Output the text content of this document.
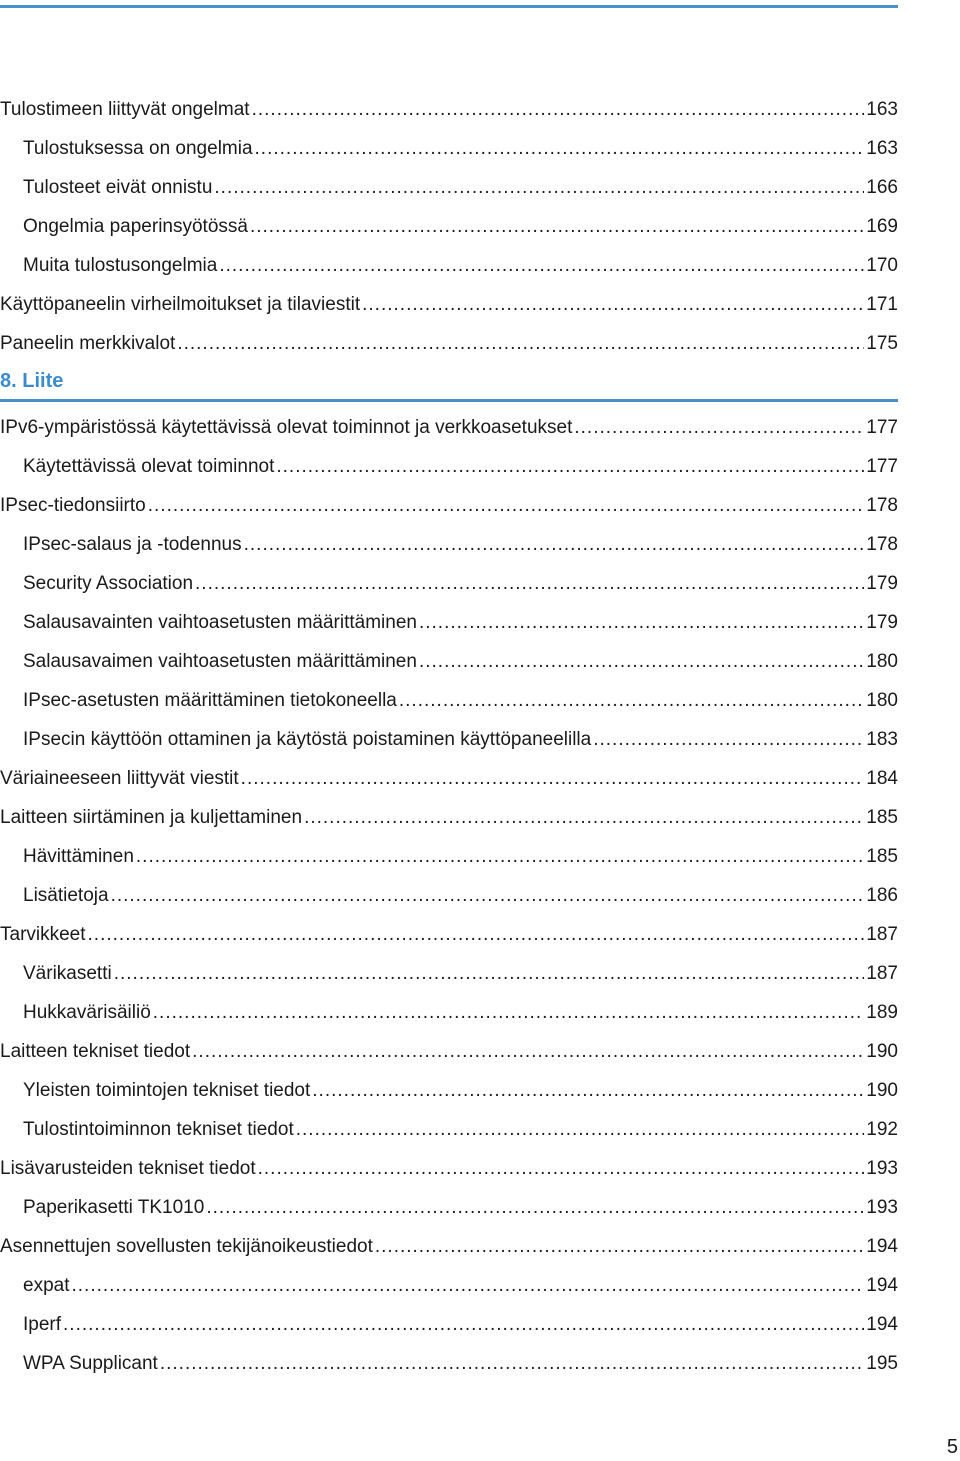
Tulostimeen liittyvät ongelmat .....	163
Tulostuksessa on ongelmia .....	163
Tulosteet eivät onnistu .....	166
Ongelmia paperinsyötössä .....	169
Muita tulostusongelmia .....	170
Käyttöpaneelin virheilmoitukset ja tilaviestit .....	171
Paneelin merkkivalot .....	175
8. Liite
IPv6-ympäristössä käytettävissä olevat toiminnot ja verkkoasetukset .....	177
Käytettävissä olevat toiminnot .....	177
IPsec-tiedonsiirto .....	178
IPsec-salaus ja -todennus .....	178
Security Association .....	179
Salausavainten vaihtoasetusten määrittäminen .....	179
Salausavaimen vaihtoasetusten määrittäminen .....	180
IPsec-asetusten määrittäminen tietokoneella .....	180
IPsecin käyttöön ottaminen ja käytöstä poistaminen käyttöpaneelilla .....	183
Väriaineeseen liittyvät viestit .....	184
Laitteen siirtäminen ja kuljettaminen .....	185
Hävittäminen .....	185
Lisätietoja .....	186
Tarvikkeet .....	187
Värikasetti .....	187
Hukkavärisäiliö .....	189
Laitteen tekniset tiedot .....	190
Yleisten toimintojen tekniset tiedot .....	190
Tulostintoiminnon tekniset tiedot .....	192
Lisävarusteiden tekniset tiedot .....	193
Paperikasetti TK1010 .....	193
Asennettujen sovellusten tekijänoikeustiedot .....	194
expat .....	194
Iperf .....	194
WPA Supplicant .....	195
5
